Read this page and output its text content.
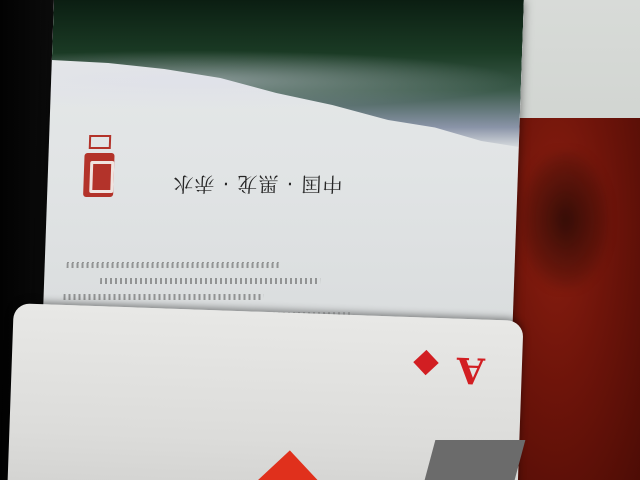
中国 · 黑龙 · 赤水
A
